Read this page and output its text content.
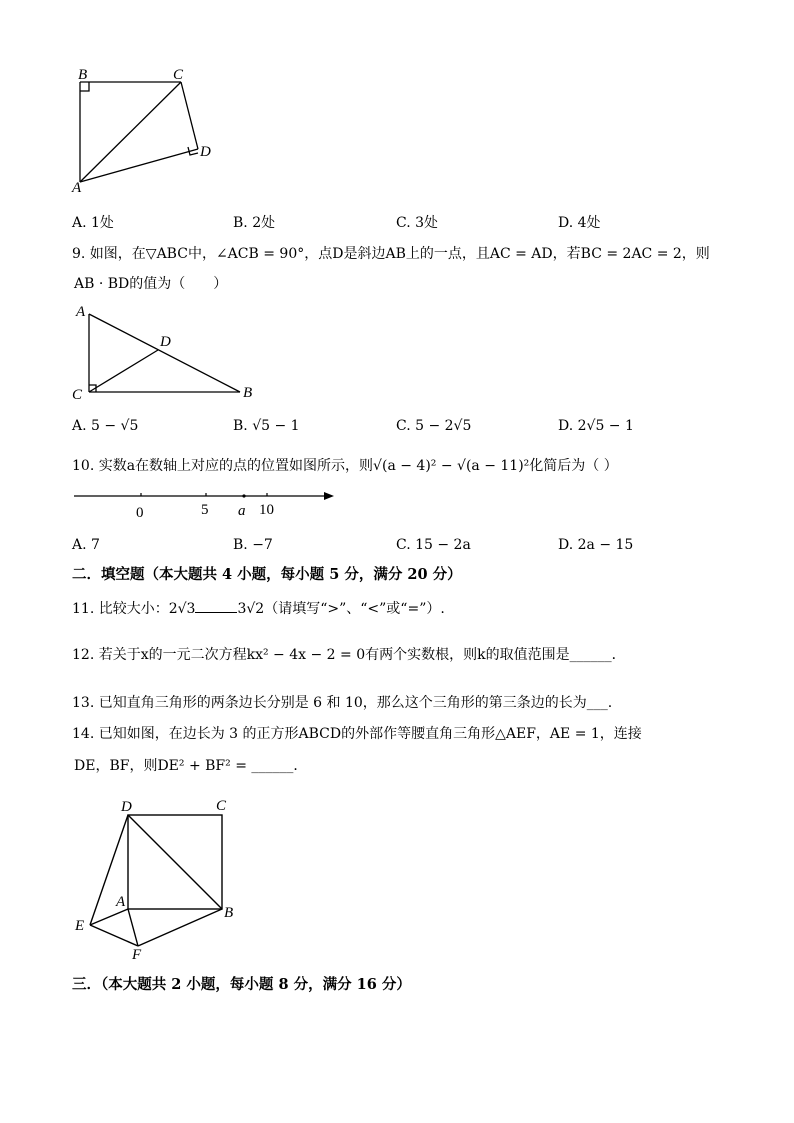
B	C
D
A
A. 1处	B. 2处	C. 3处	D. 4处
9. 如图，在▽ABC中，∠ACB = 90°，点D是斜边AB上的一点，且AC = AD，若BC = 2AC = 2，则
AB · BD的值为（　　）
A
D
C	B
A. 5 − √5	B. √5 − 1	C. 5 − 2√5	D. 2√5 − 1
10. 实数a在数轴上对应的点的位置如图所示，则√(a − 4)² − √(a − 11)²化简后为（ ）
0	5 a 10
A. 7	B. −7	C. 15 − 2a	D. 2a − 15
二．填空题（本大题共 4 小题，每小题 5 分，满分 20 分）
11. 比较大小：2√3	3√2（请填写“>”、“<”或“=”）.
12. 若关于x的一元二次方程kx² − 4x − 2 = 0有两个实数根，则k的取值范围是______．
13. 已知直角三角形的两条边长分别是 6 和 10，那么这个三角形的第三条边的长为___.
14. 已知如图，在边长为 3 的正方形ABCD的外部作等腰直角三角形△AEF，AE = 1，连接
DE，BF，则DE² + BF² = ______．
D	C
A
B
E
F
三．（本大题共 2 小题，每小题 8 分，满分 16 分）
